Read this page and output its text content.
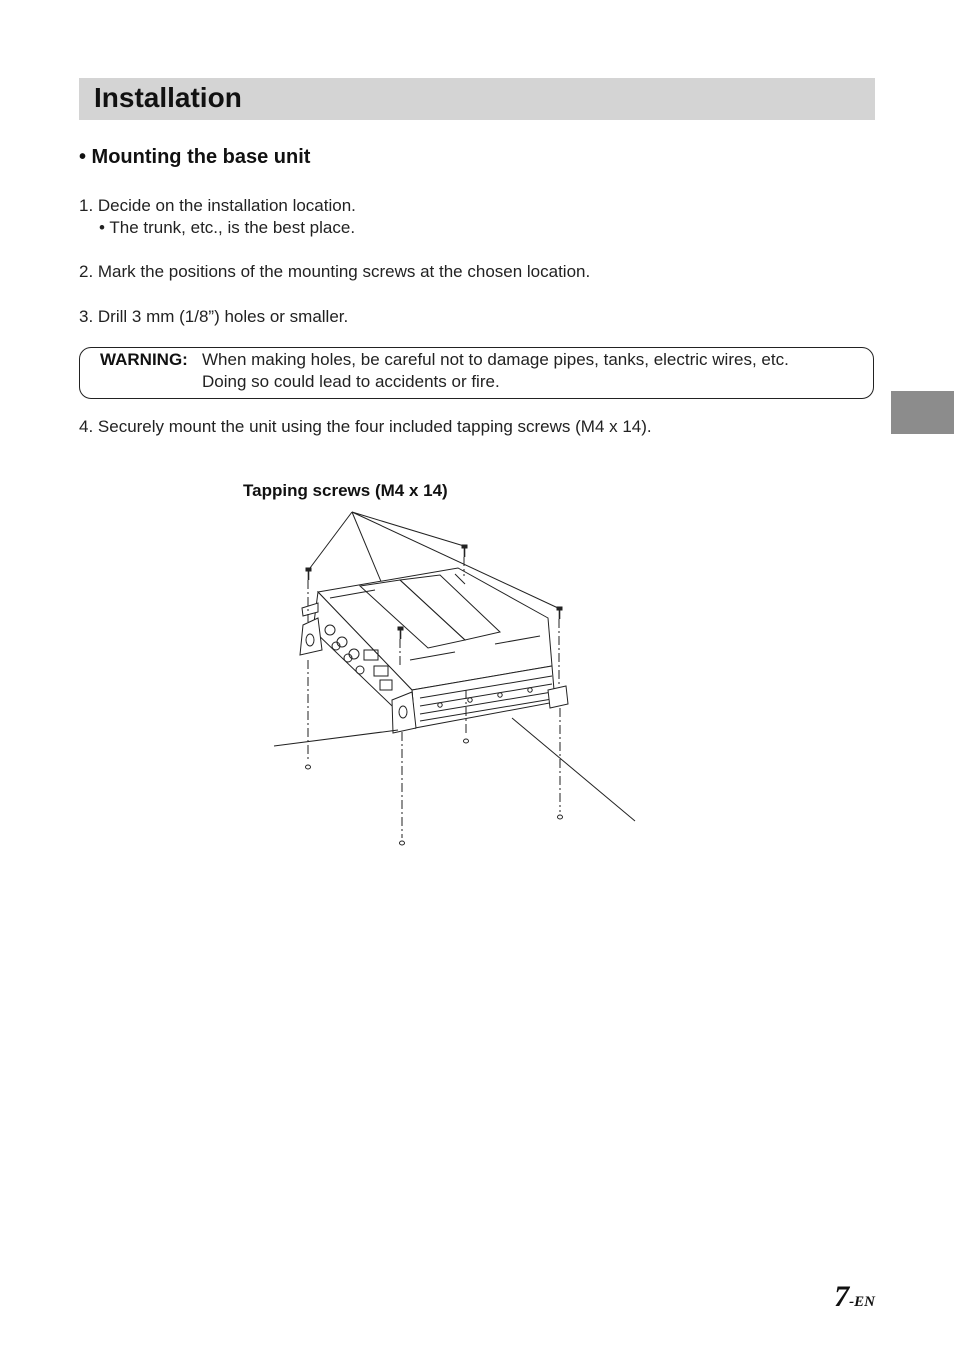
Installation
• Mounting the base unit
1. Decide on the installation location.
• The trunk, etc., is the best place.
2. Mark the positions of the mounting screws at the chosen location.
3. Drill 3 mm (1/8”) holes or smaller.
WARNING: When making holes, be careful not to damage pipes, tanks, electric wires, etc.
Doing so could lead to accidents or fire.
4. Securely mount the unit using the four included tapping screws (M4 x 14).
Tapping screws (M4 x 14)
7-EN
